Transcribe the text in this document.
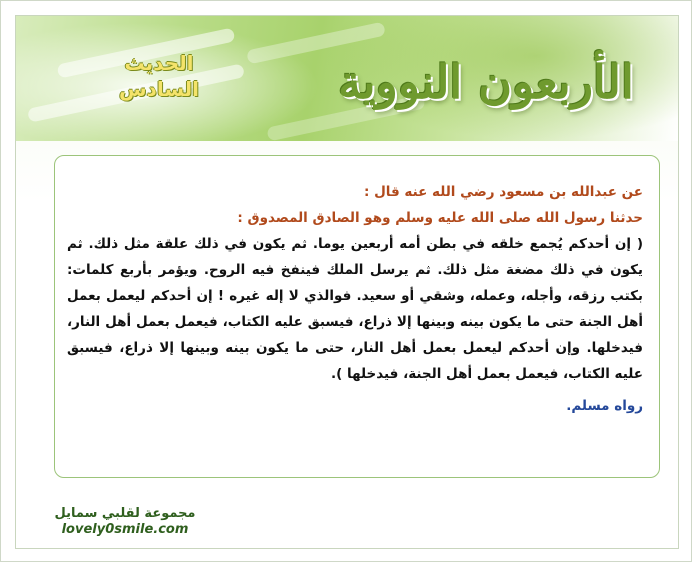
الحديث
السادس	الأربعون النووية

عن عبدالله بن مسعود رضي الله عنه قال :

حدثنا رسول الله صلى الله عليه وسلم وهو الصادق المصدوق :

( إن أحدكم يُجمع خلقه في بطن أمه أربعين يوما. ثم يكون في ذلك علقة مثل ذلك. ثم يكون في ذلك مضغة مثل ذلك. ثم يرسل الملك فينفخ فيه الروح. ويؤمر بأربع كلمات: بكتب رزقه، وأجله، وعمله، وشقي أو سعيد. فوالذي لا إله غيره ! إن أحدكم ليعمل بعمل أهل الجنة حتى ما يكون بينه وبينها إلا ذراع، فيسبق عليه الكتاب، فيعمل بعمل أهل النار، فيدخلها. وإن أحدكم ليعمل بعمل أهل النار، حتى ما يكون بينه وبينها إلا ذراع، فيسبق عليه الكتاب، فيعمل بعمل أهل الجنة، فيدخلها ).

رواه مسلم.

مجموعة لقلبي سمايل
lovely0smile.com
